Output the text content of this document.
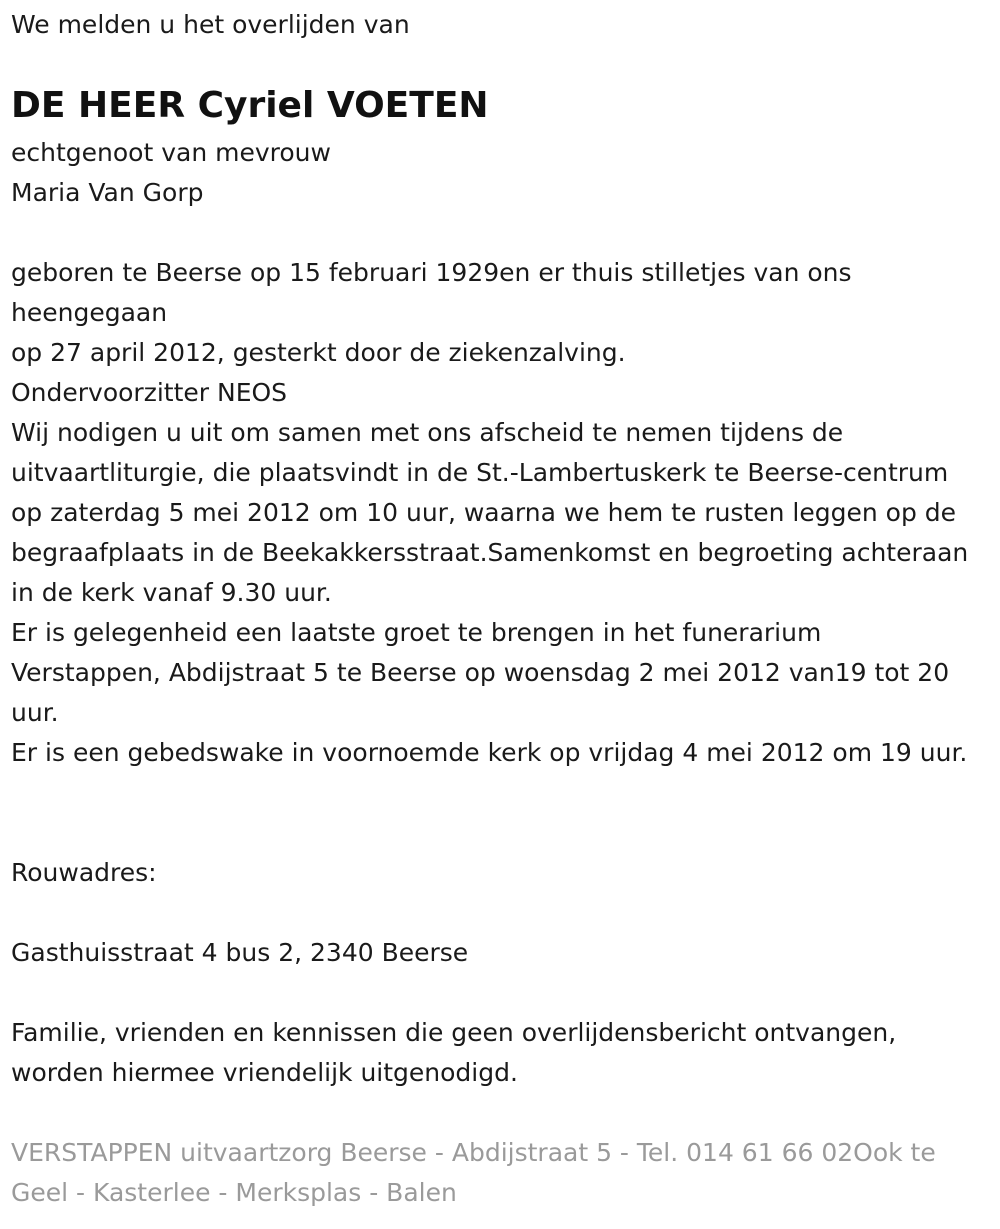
We melden u het overlijden van

DE HEER Cyriel VOETEN

echtgenoot van mevrouw

Maria Van Gorp

geboren te Beerse op 15 februari 1929en er thuis stilletjes van ons heengegaan

op 27 april 2012, gesterkt door de ziekenzalving.

Ondervoorzitter NEOS

Wij nodigen u uit om samen met ons afscheid te nemen tijdens de uitvaartliturgie, die plaatsvindt in de St.-Lambertuskerk te Beerse-centrum op zaterdag 5 mei 2012 om 10 uur, waarna we hem te rusten leggen op de begraafplaats in de Beekakkersstraat.Samenkomst en begroeting achteraan in de kerk vanaf 9.30 uur.

Er is gelegenheid een laatste groet te brengen in het funerarium Verstappen, Abdijstraat 5 te Beerse op woensdag 2 mei 2012 van19 tot 20 uur.

Er is een gebedswake in voornoemde kerk op vrijdag 4 mei 2012 om 19 uur.

Rouwadres:

Gasthuisstraat 4 bus 2, 2340 Beerse

Familie, vrienden en kennissen die geen overlijdensbericht ontvangen, worden hiermee vriendelijk uitgenodigd.

VERSTAPPEN uitvaartzorg Beerse - Abdijstraat 5 - Tel. 014 61 66 02Ook te Geel - Kasterlee - Merksplas - Balen
